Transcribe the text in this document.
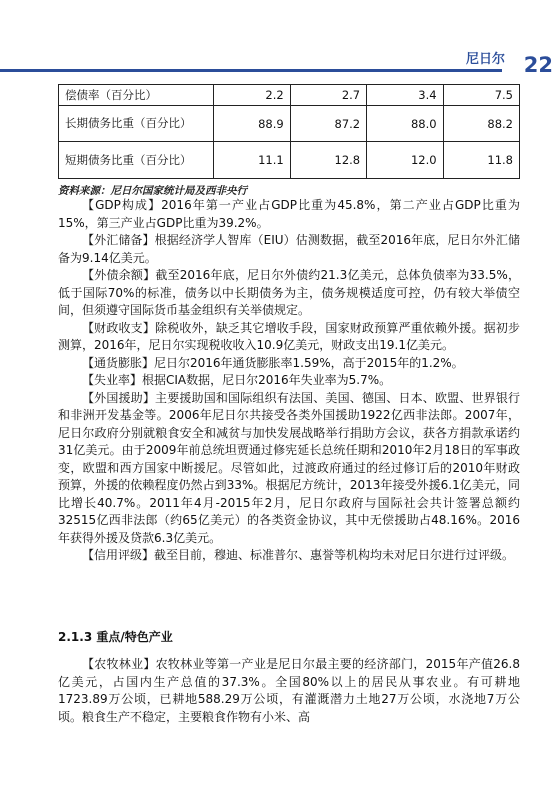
尼日尔 22
偿债率（百分比）	2.2	2.7	3.4	7.5
长期债务比重（百分比）	88.9	87.2	88.0	88.2
短期债务比重（百分比）	11.1	12.8	12.0	11.8
资料来源：尼日尔国家统计局及西非央行

【GDP构成】2016年第一产业占GDP比重为45.8%，第二产业占GDP比重为15%，第三产业占GDP比重为39.2%。

【外汇储备】根据经济学人智库（EIU）估测数据，截至2016年底，尼日尔外汇储备为9.14亿美元。

【外债余额】截至2016年底，尼日尔外债约21.3亿美元，总体负债率为33.5%，低于国际70%的标准，债务以中长期债务为主，债务规模适度可控，仍有较大举债空间，但须遵守国际货币基金组织有关举债规定。

【财政收支】除税收外，缺乏其它增收手段，国家财政预算严重依赖外援。据初步测算，2016年，尼日尔实现税收收入10.9亿美元，财政支出19.1亿美元。

【通货膨胀】尼日尔2016年通货膨胀率1.59%，高于2015年的1.2%。

【失业率】根据CIA数据，尼日尔2016年失业率为5.7%。

【外国援助】主要援助国和国际组织有法国、美国、德国、日本、欧盟、世界银行和非洲开发基金等。2006年尼日尔共接受各类外国援助1922亿西非法郎。2007年，尼日尔政府分别就粮食安全和减贫与加快发展战略举行捐助方会议，获各方捐款承诺约31亿美元。由于2009年前总统坦贾通过修宪延长总统任期和2010年2月18日的军事政变，欧盟和西方国家中断援尼。尽管如此，过渡政府通过的经过修订后的2010年财政预算，外援的依赖程度仍然占到33%。根据尼方统计，2013年接受外援6.1亿美元，同比增长40.7%。2011年4月-2015年2月，尼日尔政府与国际社会共计签署总额约32515亿西非法郎（约65亿美元）的各类资金协议，其中无偿援助占48.16%。2016年获得外援及贷款6.3亿美元。

【信用评级】截至目前，穆迪、标准普尔、惠誉等机构均未对尼日尔进行过评级。

2.1.3 重点/特色产业

【农牧林业】农牧林业等第一产业是尼日尔最主要的经济部门，2015年产值26.8亿美元，占国内生产总值的37.3%。全国80%以上的居民从事农业。有可耕地1723.89万公顷，已耕地588.29万公顷，有灌溉潜力土地27万公顷，水浇地7万公顷。粮食生产不稳定，主要粮食作物有小米、高
